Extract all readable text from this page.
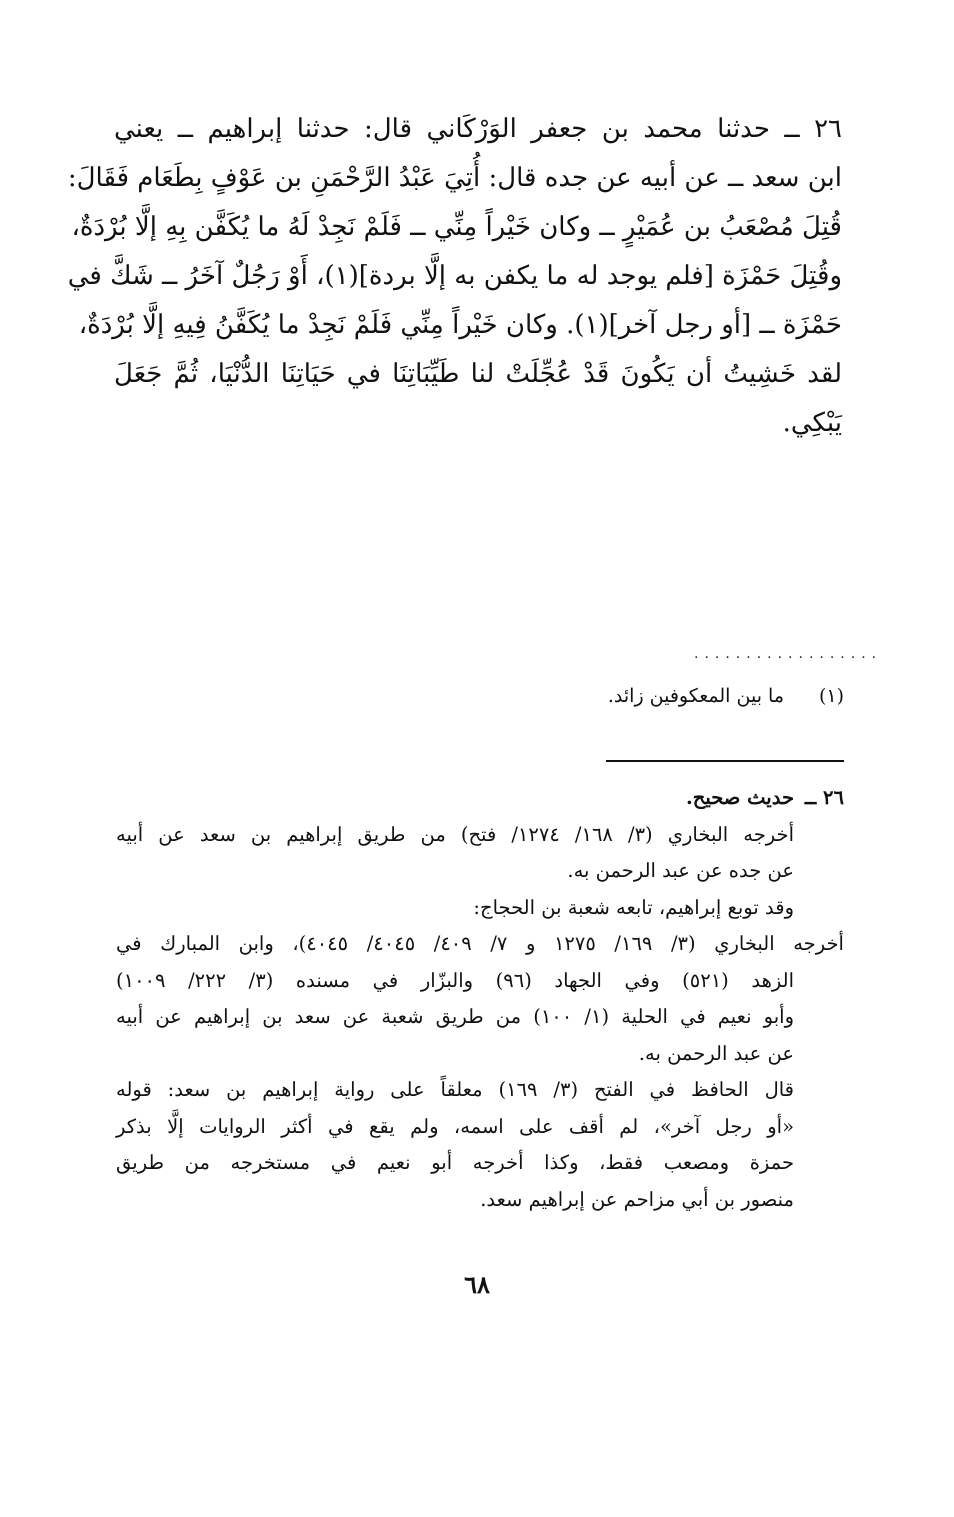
٢٦ ــ حدثنا محمد بن جعفر الوَرْكَاني قال: حدثنا إبراهيم ــ يعني
ابن سعد ــ عن أبيه عن جده قال: أُتِيَ عَبْدُ الرَّحْمَنِ بن عَوْفٍ بِطَعَام فَقَالَ:
قُتِلَ مُصْعَبُ بن عُمَيْرٍ ــ وكان خَيْراً مِنِّي ــ فَلَمْ نَجِدْ لَهُ ما يُكَفَّن بِهِ إلَّا بُرْدَةٌ،
وقُتِلَ حَمْزَة [فلم يوجد له ما يكفن به إلَّا بردة](١)، أَوْ رَجُلٌ آخَرُ ــ شَكَّ في
حَمْزَة ــ [أو رجل آخر](١). وكان خَيْراً مِنِّي فَلَمْ نَجِدْ ما يُكَفَّنُ فِيهِ إلَّا بُرْدَةٌ،
لقد خَشِيتُ أن يَكُونَ قَدْ عُجِّلَتْ لنا طَيِّبَاتِنَا في حَيَاتِنَا الدُّنْيَا، ثُمَّ جَعَلَ
يَبْكِي.
..................
(١)
ما بين المعكوفين زائد.
٢٦ ــ
حديث صحيح.
أخرجه البخاري (٣/ ١٦٨/ ١٢٧٤/ فتح) من طريق إبراهيم بن سعد عن أبيه
عن جده عن عبد الرحمن به.
وقد توبع إبراهيم، تابعه شعبة بن الحجاج:
أخرجه البخاري (٣/ ١٦٩/ ١٢٧٥ و ٧/ ٤٠٩/ ٤٠٤٥/ ٤٠٤٥)، وابن المبارك في
الزهد (٥٢١) وفي الجهاد (٩٦) والبزّار في مسنده (٣/ ٢٢٢/ ١٠٠٩)
وأبو نعيم في الحلية (١/ ١٠٠) من طريق شعبة عن سعد بن إبراهيم عن أبيه
عن عبد الرحمن به.
قال الحافظ في الفتح (٣/ ١٦٩) معلقاً على رواية إبراهيم بن سعد: قوله
«أو رجل آخر»، لم أقف على اسمه، ولم يقع في أكثر الروايات إلَّا بذكر
حمزة ومصعب فقط، وكذا أخرجه أبو نعيم في مستخرجه من طريق
منصور بن أبي مزاحم عن إبراهيم سعد.
٦٨
